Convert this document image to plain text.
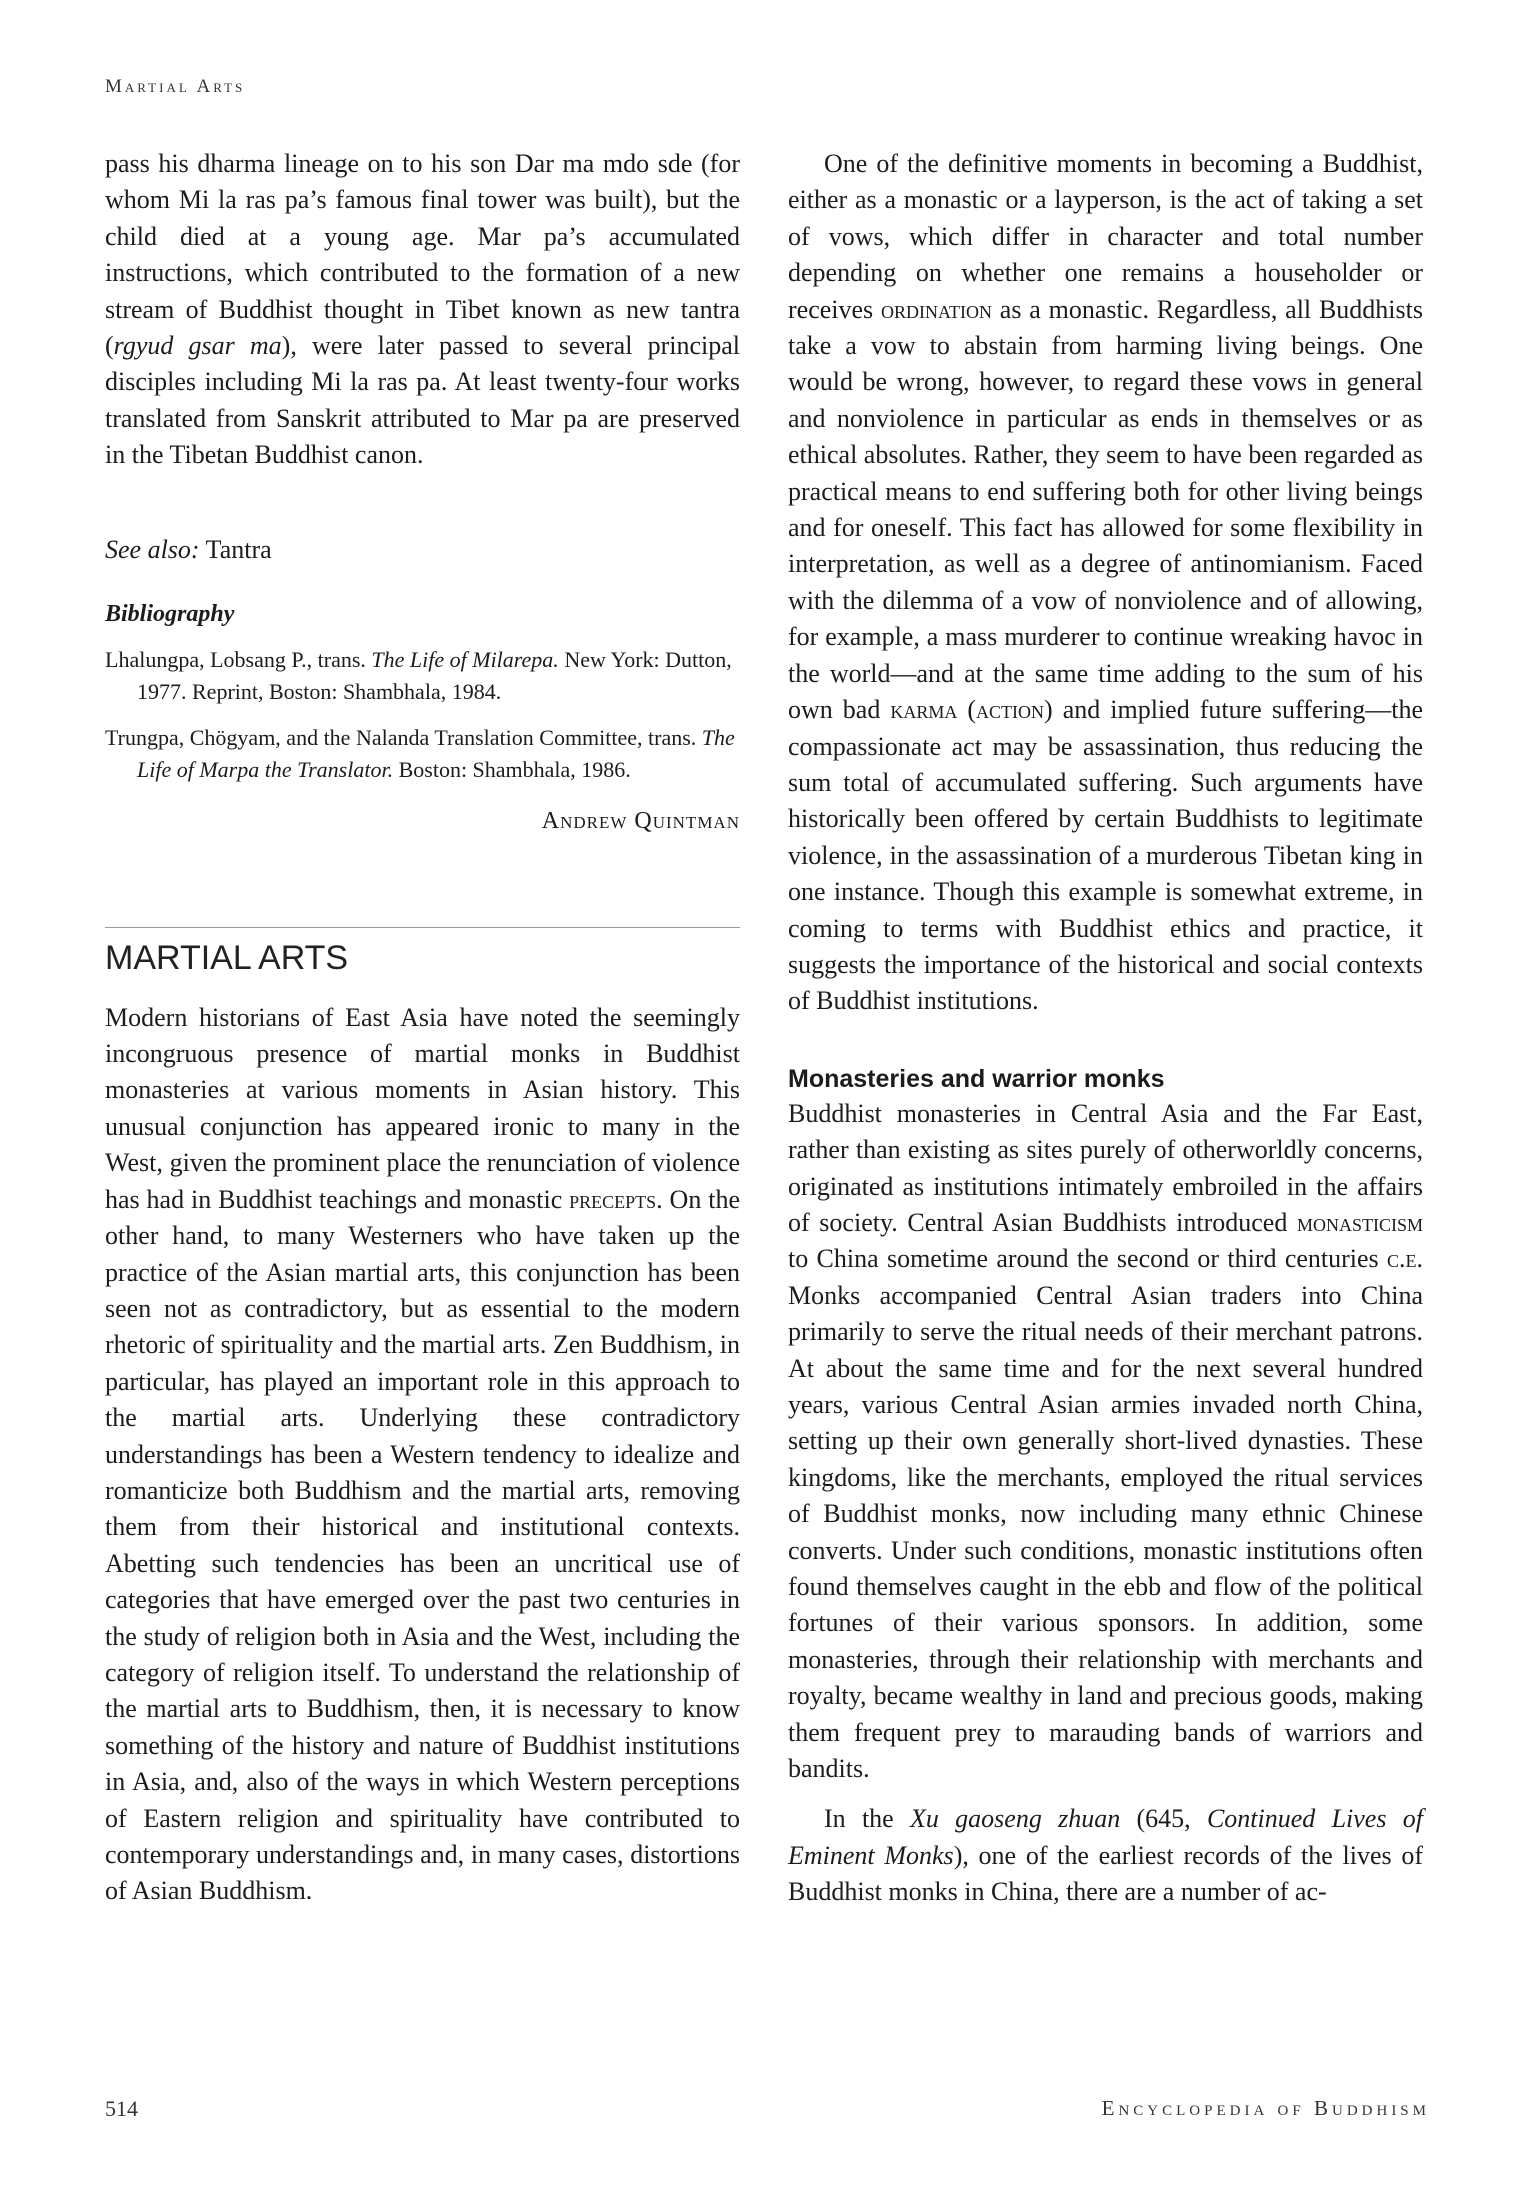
Martial Arts

pass his dharma lineage on to his son Dar ma mdo sde (for whom Mi la ras pa’s famous final tower was built), but the child died at a young age. Mar pa’s accumulated instructions, which contributed to the formation of a new stream of Buddhist thought in Tibet known as new tantra (rgyud gsar ma), were later passed to several principal disciples including Mi la ras pa. At least twenty-four works translated from Sanskrit attributed to Mar pa are preserved in the Tibetan Buddhist canon.

See also: Tantra
Bibliography
Lhalungpa, Lobsang P., trans. The Life of Milarepa. New York: Dutton, 1977. Reprint, Boston: Shambhala, 1984.
Trungpa, Chögyam, and the Nalanda Translation Committee, trans. The Life of Marpa the Translator. Boston: Shambhala, 1986.
Andrew Quintman
MARTIAL ARTS

Modern historians of East Asia have noted the seemingly incongruous presence of martial monks in Buddhist monasteries at various moments in Asian history. This unusual conjunction has appeared ironic to many in the West, given the prominent place the renunciation of violence has had in Buddhist teachings and monastic precepts. On the other hand, to many Westerners who have taken up the practice of the Asian martial arts, this conjunction has been seen not as contradictory, but as essential to the modern rhetoric of spirituality and the martial arts. Zen Buddhism, in particular, has played an important role in this approach to the martial arts. Underlying these contradictory understandings has been a Western tendency to idealize and romanticize both Buddhism and the martial arts, removing them from their historical and institutional contexts. Abetting such tendencies has been an uncritical use of categories that have emerged over the past two centuries in the study of religion both in Asia and the West, including the category of religion itself. To understand the relationship of the martial arts to Buddhism, then, it is necessary to know something of the history and nature of Buddhist institutions in Asia, and, also of the ways in which Western perceptions of Eastern religion and spirituality have contributed to contemporary understandings and, in many cases, distortions of Asian Buddhism.

One of the definitive moments in becoming a Buddhist, either as a monastic or a layperson, is the act of taking a set of vows, which differ in character and total number depending on whether one remains a householder or receives ordination as a monastic. Regardless, all Buddhists take a vow to abstain from harming living beings. One would be wrong, however, to regard these vows in general and nonviolence in particular as ends in themselves or as ethical absolutes. Rather, they seem to have been regarded as practical means to end suffering both for other living beings and for oneself. This fact has allowed for some flexibility in interpretation, as well as a degree of antinomianism. Faced with the dilemma of a vow of nonviolence and of allowing, for example, a mass murderer to continue wreaking havoc in the world—and at the same time adding to the sum of his own bad karma (action) and implied future suffering—the compassionate act may be assassination, thus reducing the sum total of accumulated suffering. Such arguments have historically been offered by certain Buddhists to legitimate violence, in the assassination of a murderous Tibetan king in one instance. Though this example is somewhat extreme, in coming to terms with Buddhist ethics and practice, it suggests the importance of the historical and social contexts of Buddhist institutions.

Monasteries and warrior monks

Buddhist monasteries in Central Asia and the Far East, rather than existing as sites purely of otherworldly concerns, originated as institutions intimately embroiled in the affairs of society. Central Asian Buddhists introduced monasticism to China sometime around the second or third centuries c.e. Monks accompanied Central Asian traders into China primarily to serve the ritual needs of their merchant patrons. At about the same time and for the next several hundred years, various Central Asian armies invaded north China, setting up their own generally short-lived dynasties. These kingdoms, like the merchants, employed the ritual services of Buddhist monks, now including many ethnic Chinese converts. Under such conditions, monastic institutions often found themselves caught in the ebb and flow of the political fortunes of their various sponsors. In addition, some monasteries, through their relationship with merchants and royalty, became wealthy in land and precious goods, making them frequent prey to marauding bands of warriors and bandits.

In the Xu gaoseng zhuan (645, Continued Lives of Eminent Monks), one of the earliest records of the lives of Buddhist monks in China, there are a number of ac-

514	Encyclopedia of Buddhism
